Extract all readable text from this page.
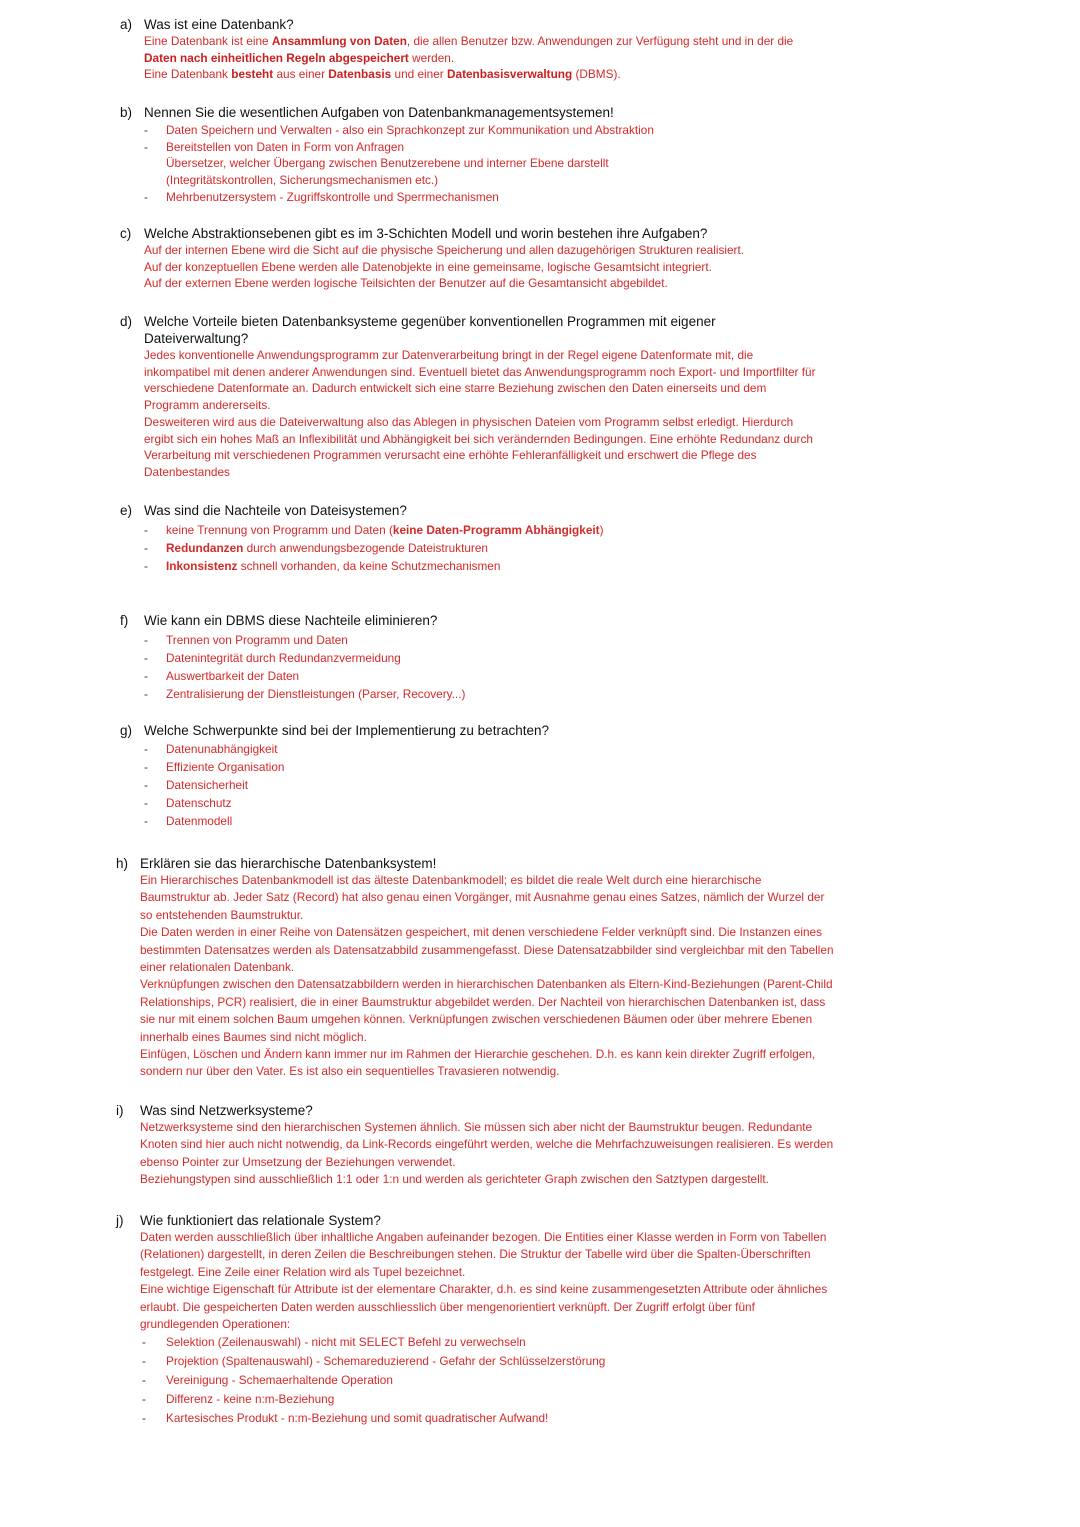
a) Was ist eine Datenbank?

Eine Datenbank ist eine Ansammlung von Daten, die allen Benutzer bzw. Anwendungen zur Verfügung steht und in der die Daten nach einheitlichen Regeln abgespeichert werden.

Eine Datenbank besteht aus einer Datenbasis und einer Datenbasisverwaltung (DBMS).

b) Nennen Sie die wesentlichen Aufgaben von Datenbankmanagementsystemen!
- Daten Speichern und Verwalten - also ein Sprachkonzept zur Kommunikation und Abstraktion
- Bereitstellen von Daten in Form von Anfragen
Übersetzer, welcher Übergang zwischen Benutzerebene und interner Ebene darstellt
(Integritätskontrollen, Sicherungsmechanismen etc.)
- Mehrbenutzersystem - Zugriffskontrolle und Sperrmechanismen
c) Welche Abstraktionsebenen gibt es im 3-Schichten Modell und worin bestehen ihre Aufgaben?

Auf der internen Ebene wird die Sicht auf die physische Speicherung und allen dazugehörigen Strukturen realisiert.

Auf der konzeptuellen Ebene werden alle Datenobjekte in eine gemeinsame, logische Gesamtsicht integriert.

Auf der externen Ebene werden logische Teilsichten der Benutzer auf die Gesamtansicht abgebildet.

d) Welche Vorteile bieten Datenbanksysteme gegenüber konventionellen Programmen mit eigener Dateiverwaltung?

Jedes konventionelle Anwendungsprogramm zur Datenverarbeitung bringt in der Regel eigene Datenformate mit, die inkompatibel mit denen anderer Anwendungen sind. Eventuell bietet das Anwendungsprogramm noch Export- und Importfilter für verschiedene Datenformate an. Dadurch entwickelt sich eine starre Beziehung zwischen den Daten einerseits und dem Programm andererseits.

Desweiteren wird aus die Dateiverwaltung also das Ablegen in physischen Dateien vom Programm selbst erledigt. Hierdurch ergibt sich ein hohes Maß an Inflexibilität und Abhängigkeit bei sich verändernden Bedingungen. Eine erhöhte Redundanz durch Verarbeitung mit verschiedenen Programmen verursacht eine erhöhte Fehleranfälligkeit und erschwert die Pflege des Datenbestandes

e) Was sind die Nachteile von Dateisystemen?
- keine Trennung von Programm und Daten (keine Daten-Programm Abhängigkeit)
- Redundanzen durch anwendungsbezogende Dateistrukturen
- Inkonsistenz schnell vorhanden, da keine Schutzmechanismen
f)	Wie kann ein DBMS diese Nachteile eliminieren?
- Trennen von Programm und Daten
- Datenintegrität durch Redundanzvermeidung
- Auswertbarkeit der Daten
- Zentralisierung der Dienstleistungen (Parser, Recovery...)
g) Welche Schwerpunkte sind bei der Implementierung zu betrachten?
- Datenunabhängigkeit
- Effiziente Organisation
- Datensicherheit
- Datenschutz
- Datenmodell
h) Erklären sie das hierarchische Datenbanksystem!

Ein Hierarchisches Datenbankmodell ist das älteste Datenbankmodell; es bildet die reale Welt durch eine hierarchische Baumstruktur ab. Jeder Satz (Record) hat also genau einen Vorgänger, mit Ausnahme genau eines Satzes, nämlich der Wurzel der so entstehenden Baumstruktur.

Die Daten werden in einer Reihe von Datensätzen gespeichert, mit denen verschiedene Felder verknüpft sind. Die Instanzen eines bestimmten Datensatzes werden als Datensatzabbild zusammengefasst. Diese Datensatzabbilder sind vergleichbar mit den Tabellen einer relationalen Datenbank.

Verknüpfungen zwischen den Datensatzabbildern werden in hierarchischen Datenbanken als Eltern-Kind-Beziehungen (Parent-Child Relationships, PCR) realisiert, die in einer Baumstruktur abgebildet werden. Der Nachteil von hierarchischen Datenbanken ist, dass sie nur mit einem solchen Baum umgehen können. Verknüpfungen zwischen verschiedenen Bäumen oder über mehrere Ebenen innerhalb eines Baumes sind nicht möglich.

Einfügen, Löschen und Ändern kann immer nur im Rahmen der Hierarchie geschehen. D.h. es kann kein direkter Zugriff erfolgen, sondern nur über den Vater. Es ist also ein sequentielles Travasieren notwendig.

i)	Was sind Netzwerksysteme?

Netzwerksysteme sind den hierarchischen Systemen ähnlich. Sie müssen sich aber nicht der Baumstruktur beugen. Redundante Knoten sind hier auch nicht notwendig, da Link-Records eingeführt werden, welche die Mehrfachzuweisungen realisieren. Es werden ebenso Pointer zur Umsetzung der Beziehungen verwendet.

Beziehungstypen sind ausschließlich 1:1 oder 1:n und werden als gerichteter Graph zwischen den Satztypen dargestellt.

j)	Wie funktioniert das relationale System?

Daten werden ausschließlich über inhaltliche Angaben aufeinander bezogen. Die Entities einer Klasse werden in Form von Tabellen (Relationen) dargestellt, in deren Zeilen die Beschreibungen stehen. Die Struktur der Tabelle wird über die Spalten-Überschriften festgelegt. Eine Zeile einer Relation wird als Tupel bezeichnet.

Eine wichtige Eigenschaft für Attribute ist der elementare Charakter, d.h. es sind keine zusammengesetzten Attribute oder ähnliches erlaubt. Die gespeicherten Daten werden ausschliesslich über mengenorientiert verknüpft. Der Zugriff erfolgt über fünf grundlegenden Operationen:

- Selektion (Zeilenauswahl) - nicht mit SELECT Befehl zu verwechseln
- Projektion (Spaltenauswahl) - Schemareduzierend - Gefahr der Schlüsselzerstörung
- Vereinigung - Schemaerhaltende Operation
- Differenz - keine n:m-Beziehung
- Kartesisches Produkt - n:m-Beziehung und somit quadratischer Aufwand!
